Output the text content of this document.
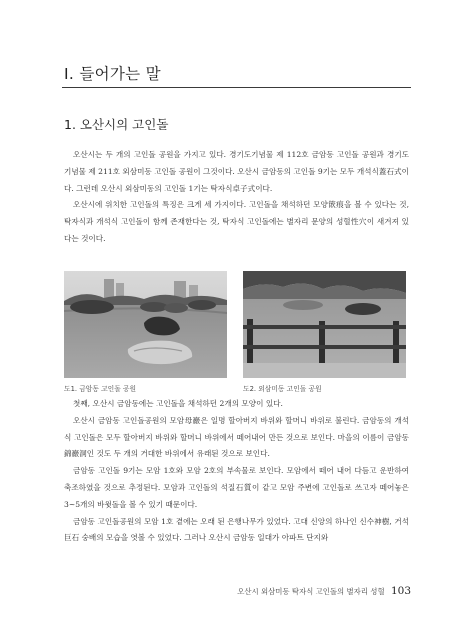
Ⅰ. 들어가는 말
1. 오산시의 고인돌

오산시는 두 개의 고인돌 공원을 가지고 있다. 경기도기념물 제 112호 금암동 고인돌 공원과 경기도 기념물 제 211호 외삼미동 고인돌 공원이 그것이다. 오산시 금암동의 고인돌 9기는 모두 개석식蓋石式이다. 그런데 오산시 외삼미동의 고인돌 1기는 탁자식卓子式이다.

오산시에 위치한 고인돌의 특징은 크게 세 가지이다. 고인돌을 채석하던 모양篏痕을 볼 수 있다는 것, 탁자식과 개석식 고인돌이 함께 존재한다는 것, 탁자식 고인돌에는 별자리 문양의 성혈性穴이 새겨져 있다는 것이다.

도1. 금암동 고인돌 공원	도2. 외삼미동 고인돌 공원

첫째, 오산시 금암동에는 고인돌을 채석하던 2개의 모양이 있다.

오산시 금암동 고인돌공원의 모암母巖은 일명 할아버지 바위와 할머니 바위로 불린다. 금암동의 개석식 고인돌은 모두 할아버지 바위와 할머니 바위에서 떼어내어 만든 것으로 보인다. 마을의 이름이 금암동錦巖洞인 것도 두 개의 거대한 바위에서 유래된 것으로 보인다.

금암동 고인돌 9기는 모암 1호와 모암 2호의 부속물로 보인다. 모암에서 떼어 내어 다듬고 운반하여 축조하였을 것으로 추정된다. 모암과 고인돌의 석질石質이 같고 모암 주변에 고인돌로 쓰고자 떼어놓은 3~5개의 바윗돌을 볼 수 있기 때문이다.

금암동 고인돌공원의 모암 1호 곁에는 오래 된 은행나무가 있었다. 고대 신앙의 하나인 신수神樹, 거석巨石 숭배의 모습을 엿볼 수 있었다. 그러나 오산시 금암동 일대가 아파트 단지와

오산시 외삼미동 탁자식 고인돌의 별자리 성혈 103
